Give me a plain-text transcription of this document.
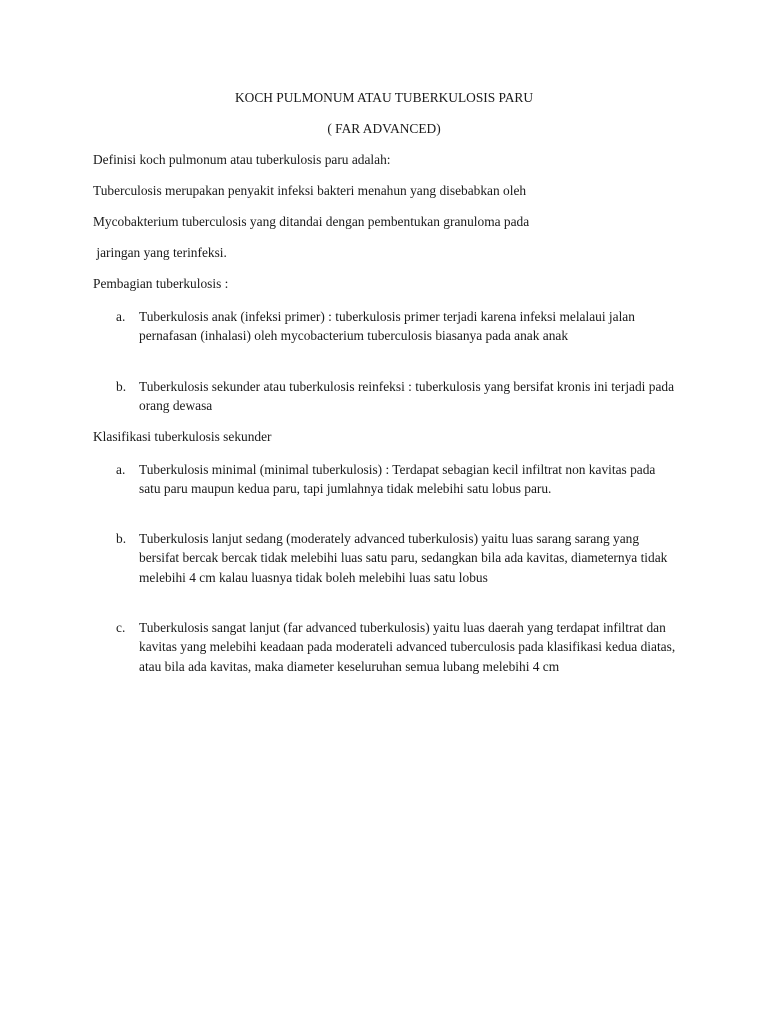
KOCH PULMONUM ATAU TUBERKULOSIS PARU
( FAR ADVANCED)
Definisi koch pulmonum atau tuberkulosis paru adalah:
Tuberculosis merupakan penyakit infeksi bakteri menahun yang disebabkan oleh
Mycobakterium tuberculosis yang ditandai dengan pembentukan granuloma pada
jaringan yang terinfeksi.
Pembagian tuberkulosis :
a. Tuberkulosis anak (infeksi primer) : tuberkulosis primer terjadi karena infeksi melalaui jalan pernafasan (inhalasi) oleh mycobacterium tuberculosis biasanya pada anak anak
b. Tuberkulosis sekunder atau tuberkulosis reinfeksi : tuberkulosis yang bersifat kronis ini terjadi pada orang dewasa
Klasifikasi tuberkulosis sekunder
a. Tuberkulosis minimal (minimal tuberkulosis) : Terdapat sebagian kecil infiltrat non kavitas pada satu paru maupun kedua paru, tapi jumlahnya tidak melebihi satu lobus paru.
b. Tuberkulosis lanjut sedang (moderately advanced tuberkulosis) yaitu luas sarang sarang yang bersifat bercak bercak tidak melebihi luas satu paru, sedangkan bila ada kavitas, diameternya tidak melebihi 4 cm kalau luasnya tidak boleh melebihi luas satu lobus
c. Tuberkulosis sangat lanjut (far advanced tuberkulosis) yaitu luas daerah yang terdapat infiltrat dan kavitas yang melebihi keadaan pada moderateli advanced tuberculosis pada klasifikasi kedua diatas, atau bila ada kavitas, maka diameter keseluruhan semua lubang melebihi 4 cm
